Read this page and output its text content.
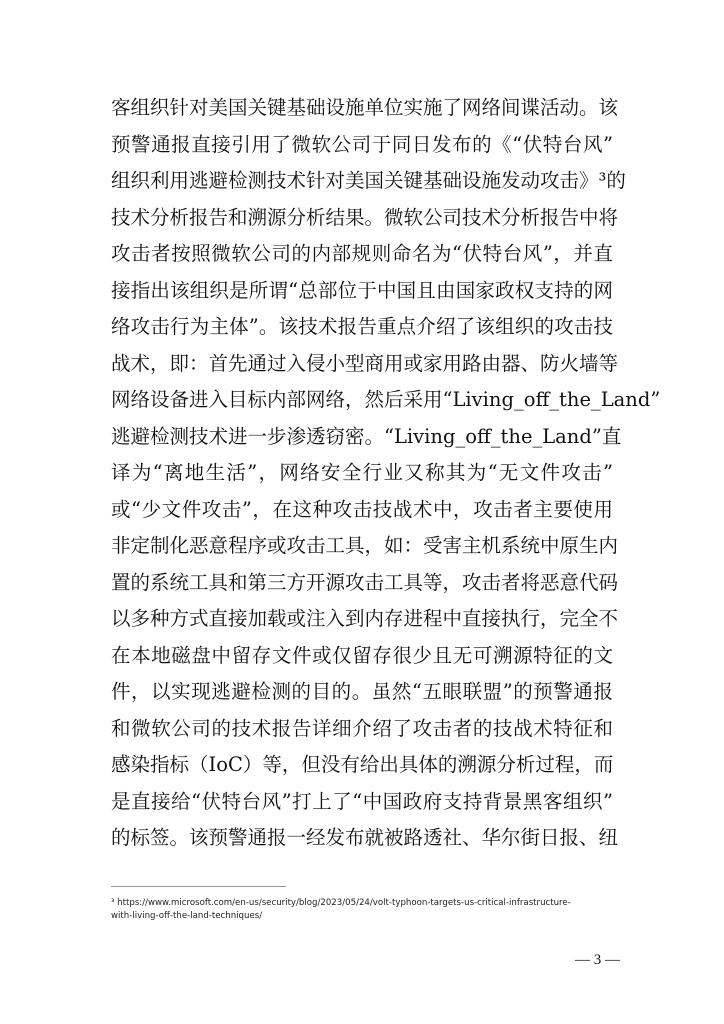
客组织针对美国关键基础设施单位实施了网络间谍活动。该
预警通报直接引用了微软公司于同日发布的《“伏特台风”
组织利用逃避检测技术针对美国关键基础设施发动攻击》³的
技术分析报告和溯源分析结果。微软公司技术分析报告中将
攻击者按照微软公司的内部规则命名为“伏特台风”，并直
接指出该组织是所谓“总部位于中国且由国家政权支持的网
络攻击行为主体”。该技术报告重点介绍了该组织的攻击技
战术，即：首先通过入侵小型商用或家用路由器、防火墙等
网络设备进入目标内部网络，然后采用“Living_off_the_Land”
逃避检测技术进一步渗透窃密。“Living_off_the_Land”直
译为“离地生活”，网络安全行业又称其为“无文件攻击”
或“少文件攻击”，在这种攻击技战术中，攻击者主要使用
非定制化恶意程序或攻击工具，如：受害主机系统中原生内
置的系统工具和第三方开源攻击工具等，攻击者将恶意代码
以多种方式直接加载或注入到内存进程中直接执行，完全不
在本地磁盘中留存文件或仅留存很少且无可溯源特征的文
件，以实现逃避检测的目的。虽然“五眼联盟”的预警通报
和微软公司的技术报告详细介绍了攻击者的技战术特征和
感染指标（IoC）等，但没有给出具体的溯源分析过程，而
是直接给“伏特台风”打上了“中国政府支持背景黑客组织”
的标签。该预警通报一经发布就被路透社、华尔街日报、纽
³ https://www.microsoft.com/en-us/security/blog/2023/05/24/volt-typhoon-targets-us-critical-infrastructure-
with-living-off-the-land-techniques/
— 3 —
